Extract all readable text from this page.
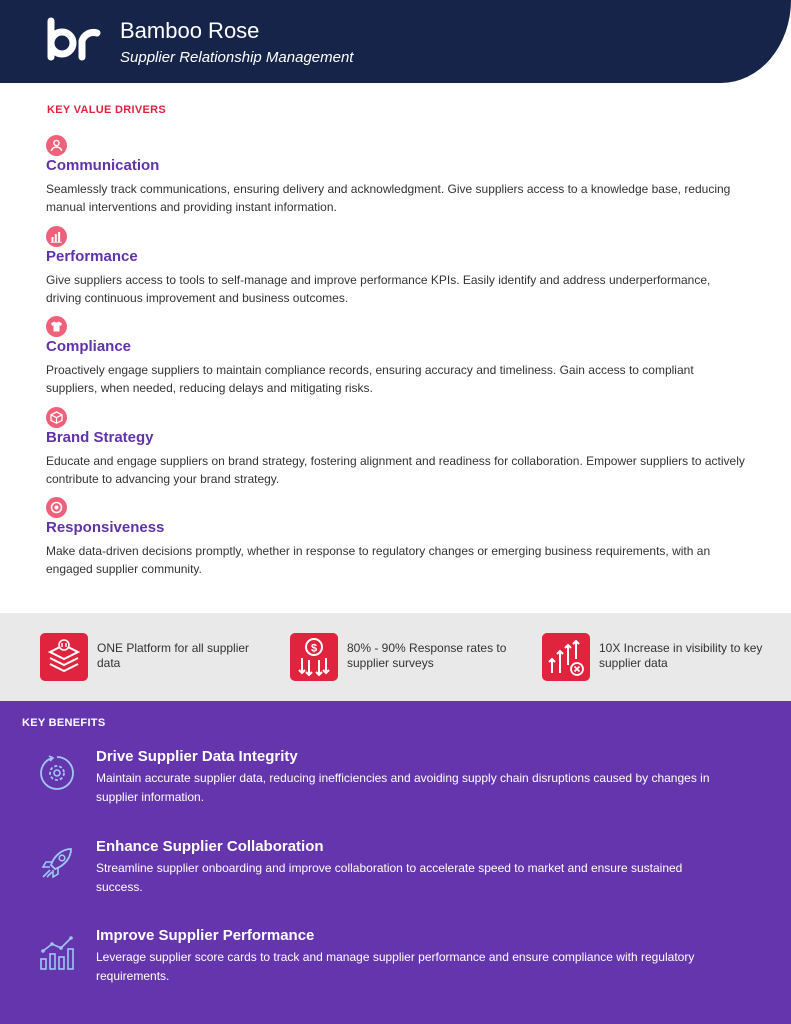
Bamboo Rose
Supplier Relationship Management
KEY VALUE DRIVERS
Communication
Seamlessly track communications, ensuring delivery and acknowledgment. Give suppliers access to a knowledge base, reducing manual interventions and providing instant information.
Performance
Give suppliers access to tools to self-manage and improve performance KPIs. Easily identify and address underperformance, driving continuous improvement and business outcomes.
Compliance
Proactively engage suppliers to maintain compliance records, ensuring accuracy and timeliness. Gain access to compliant suppliers, when needed, reducing delays and mitigating risks.
Brand Strategy
Educate and engage suppliers on brand strategy, fostering alignment and readiness for collaboration. Empower suppliers to actively contribute to advancing your brand strategy.
Responsiveness
Make data-driven decisions promptly, whether in response to regulatory changes or emerging business requirements, with an engaged supplier community.
ONE Platform for all supplier data
$ 80% - 90% Response rates to supplier surveys
10X Increase in visibility to key supplier data
KEY BENEFITS
Drive Supplier Data Integrity
Maintain accurate supplier data, reducing inefficiencies and avoiding supply chain disruptions caused by changes in supplier information.
Enhance Supplier Collaboration
Streamline supplier onboarding and improve collaboration to accelerate speed to market and ensure sustained success.
Improve Supplier Performance
Leverage supplier score cards to track and manage supplier performance and ensure compliance with regulatory requirements.
